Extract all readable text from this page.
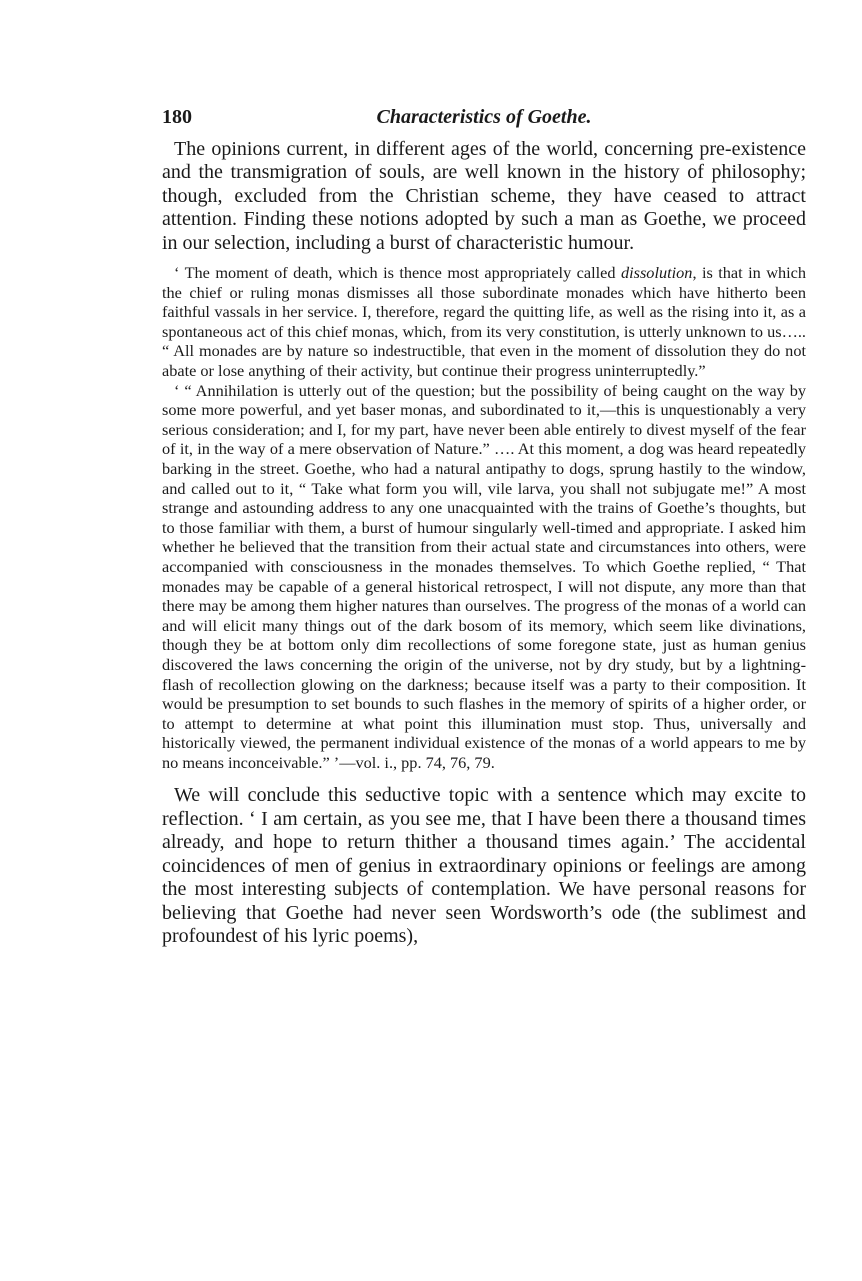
180	Characteristics of Goethe.

The opinions current, in different ages of the world, concerning pre-existence and the transmigration of souls, are well known in the history of philosophy; though, excluded from the Christian scheme, they have ceased to attract attention. Finding these notions adopted by such a man as Goethe, we proceed in our selection, including a burst of characteristic humour.

‘ The moment of death, which is thence most appropriately called dissolution, is that in which the chief or ruling monas dismisses all those subordinate monades which have hitherto been faithful vassals in her service. I, therefore, regard the quitting life, as well as the rising into it, as a spontaneous act of this chief monas, which, from its very constitution, is utterly unknown to us….. “ All monades are by nature so indestructible, that even in the moment of dissolution they do not abate or lose anything of their activity, but continue their progress uninterruptedly.”

‘ “ Annihilation is utterly out of the question; but the possibility of being caught on the way by some more powerful, and yet baser monas, and subordinated to it,—this is unquestionably a very serious consideration; and I, for my part, have never been able entirely to divest myself of the fear of it, in the way of a mere observation of Nature.” …. At this moment, a dog was heard repeatedly barking in the street. Goethe, who had a natural antipathy to dogs, sprung hastily to the window, and called out to it, “ Take what form you will, vile larva, you shall not subjugate me!” A most strange and astounding address to any one unacquainted with the trains of Goethe’s thoughts, but to those familiar with them, a burst of humour singularly well-timed and appropriate. I asked him whether he believed that the transition from their actual state and circumstances into others, were accompanied with consciousness in the monades themselves. To which Goethe replied, “ That monades may be capable of a general historical retrospect, I will not dispute, any more than that there may be among them higher natures than ourselves. The progress of the monas of a world can and will elicit many things out of the dark bosom of its memory, which seem like divinations, though they be at bottom only dim recollections of some foregone state, just as human genius discovered the laws concerning the origin of the universe, not by dry study, but by a lightning-flash of recollection glowing on the darkness; because itself was a party to their composition. It would be presumption to set bounds to such flashes in the memory of spirits of a higher order, or to attempt to determine at what point this illumination must stop. Thus, universally and historically viewed, the permanent individual existence of the monas of a world appears to me by no means inconceivable.” ’—vol. i., pp. 74, 76, 79.

We will conclude this seductive topic with a sentence which may excite to reflection. ‘ I am certain, as you see me, that I have been there a thousand times already, and hope to return thither a thousand times again.’ The accidental coincidences of men of genius in extraordinary opinions or feelings are among the most interesting subjects of contemplation. We have personal reasons for believing that Goethe had never seen Wordsworth’s ode (the sublimest and profoundest of his lyric poems),
